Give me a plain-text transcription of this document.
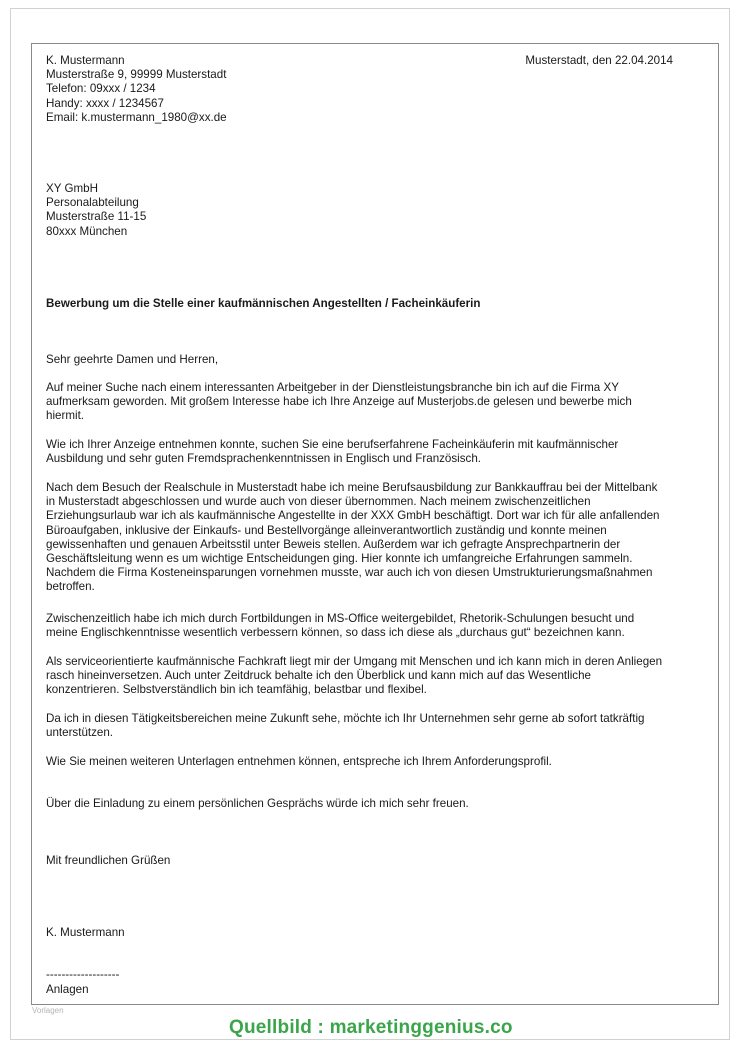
K. Mustermann
Musterstraße 9, 99999 Musterstadt
Telefon: 09xxx / 1234
Handy: xxxx / 1234567
Email: k.mustermann_1980@xx.de
Musterstadt, den 22.04.2014
XY GmbH
Personalabteilung
Musterstraße 11-15
80xxx München
Bewerbung um die Stelle einer kaufmännischen Angestellten / Facheinkäuferin
Sehr geehrte Damen und Herren,
Auf meiner Suche nach einem interessanten Arbeitgeber in der Dienstleistungsbranche bin ich auf die Firma XY
aufmerksam geworden. Mit großem Interesse habe ich Ihre Anzeige auf Musterjobs.de gelesen und bewerbe mich
hiermit.
Wie ich Ihrer Anzeige entnehmen konnte, suchen Sie eine berufserfahrene Facheinkäuferin mit kaufmännischer
Ausbildung und sehr guten Fremdsprachenkenntnissen in Englisch und Französisch.
Nach dem Besuch der Realschule in Musterstadt habe ich meine Berufsausbildung zur Bankkauffrau bei der Mittelbank
in Musterstadt abgeschlossen und wurde auch von dieser übernommen. Nach meinem zwischenzeitlichen
Erziehungsurlaub war ich als kaufmännische Angestellte in der XXX GmbH beschäftigt. Dort war ich für alle anfallenden
Büroaufgaben, inklusive der Einkaufs- und Bestellvorgänge alleinverantwortlich zuständig und konnte meinen
gewissenhaften und genauen Arbeitsstil unter Beweis stellen. Außerdem war ich gefragte Ansprechpartnerin der
Geschäftsleitung wenn es um wichtige Entscheidungen ging. Hier konnte ich umfangreiche Erfahrungen sammeln.
Nachdem die Firma Kosteneinsparungen vornehmen musste, war auch ich von diesen Umstrukturierungsmaßnahmen
betroffen.
Zwischenzeitlich habe ich mich durch Fortbildungen in MS-Office weitergebildet, Rhetorik-Schulungen besucht und
meine Englischkenntnisse wesentlich verbessern können, so dass ich diese als „durchaus gut“ bezeichnen kann.
Als serviceorientierte kaufmännische Fachkraft liegt mir der Umgang mit Menschen und ich kann mich in deren Anliegen
rasch hineinversetzen. Auch unter Zeitdruck behalte ich den Überblick und kann mich auf das Wesentliche
konzentrieren. Selbstverständlich bin ich teamfähig, belastbar und flexibel.
Da ich in diesen Tätigkeitsbereichen meine Zukunft sehe, möchte ich Ihr Unternehmen sehr gerne ab sofort tatkräftig
unterstützen.
Wie Sie meinen weiteren Unterlagen entnehmen können, entspreche ich Ihrem Anforderungsprofil.
Über die Einladung zu einem persönlichen Gesprächs würde ich mich sehr freuen.
Mit freundlichen Grüßen
K. Mustermann
-------------------
Anlagen
Vorlagen
Quellbild : marketinggenius.co
